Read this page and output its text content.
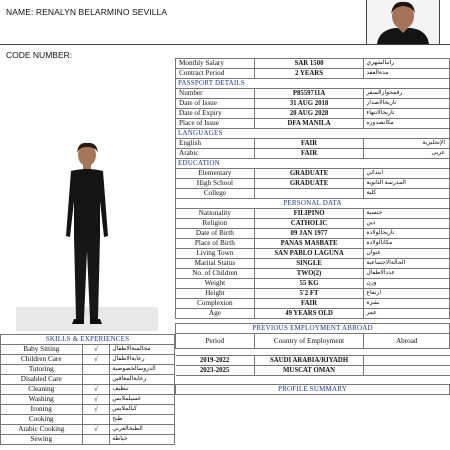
NAME: RENALYN BELARMINO SEVILLA
CODE NUMBER:
Monthly Salary	SAR 1500	راتبالشهري
Contract Period	2 YEARS	مدةالعقد
PASSPORT DETAILS		
Number	P8559711A	رقمجوازالسفر
Date of Issue	31 AUG 2018	تاريخالاصدار
Date of Expiry	20 AUG 2028	تاريخالانتهاء
Place of Issue	DFA MANILA	مكانصدوره
LANGUAGES		
English	FAIR	الإنجليزية
Arabic	FAIR	عربى
EDUCATION		
Elementary	GRADUATE	ابتدائي
High School	GRADUATE	المدرسة الثانوية
College		كلية
PERSONAL DATA		
Nationality	FILIPINO	جنسية
Religion	CATHOLIC	دين
Date of Birth	09 JAN 1977	تاريخالولادة
Place of Birth	PANAS MASBATE	مكانالولادة
Living Town	SAN PABLO LAGUNA	عنوان
Marital Status	SINGLE	الحالةالاجتماعية
No. of Children	TWO(2)	عددالاطفال
Weight	55 KG	وزن
Height	5'2 FT	ارتفاع
Complexion	FAIR	بشرة
Age	49 YEARS OLD	عمر
SKILLS & EXPERIENCES		
Baby Sitting	√	مجالسةالاطفال
Children Care	√	رعايةالاطفال
Tutoring		الدروسالخصوصية
Disabled Care		رعايةالمعاقين
Cleaning	√	تنظيف
Washing	√	غسيلملابس
Ironing	√	كيالملابس
Cooking		طبخ
Arabic Cooking	√	الطبخالعربي
Sewing		خياطة
PREVIOUS EMPLOYMENT ABROAD		
Period	Country of Employment	Abroad

2019-2022	SAUDI ARABIA/RIYADH	
2023-2025	MUSCAT OMAN	

PROFILE SUMMARY		
